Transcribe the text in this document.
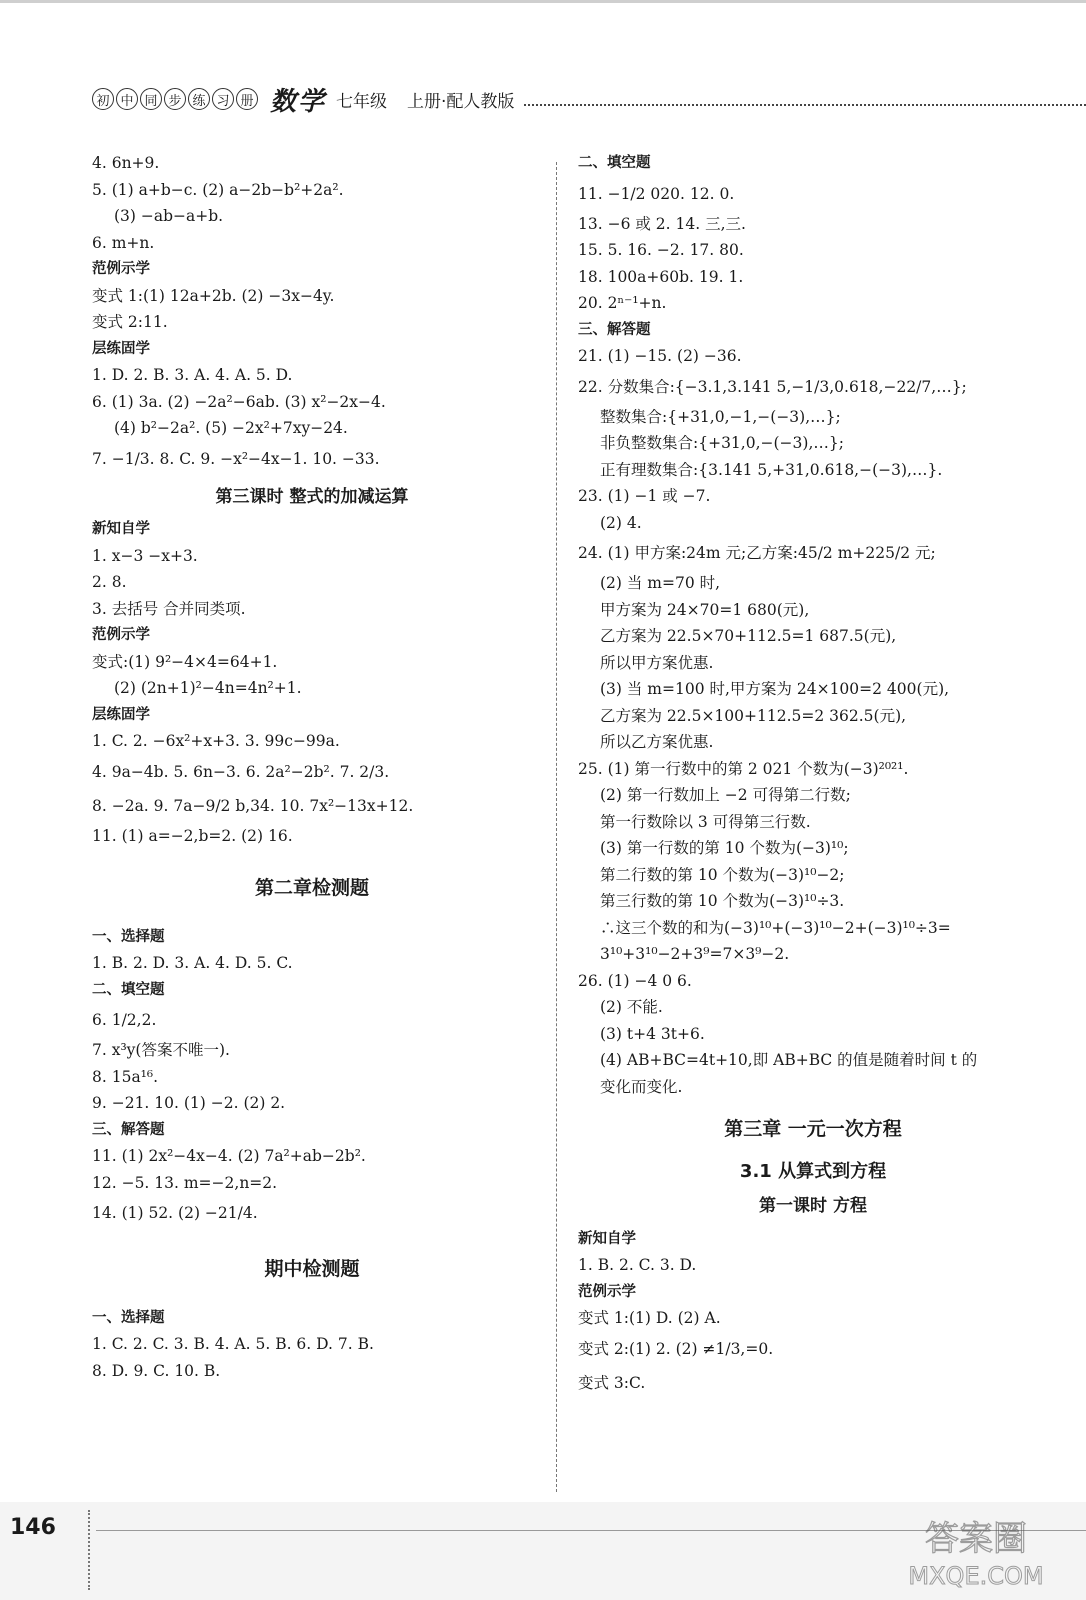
初 中 同 步 练 习 册 数学 七年级 上册·配人教版
4. 6n+9.
5. (1) a+b−c. (2) a−2b−b²+2a².
(3) −ab−a+b.
6. m+n.
范例示学
变式 1:(1) 12a+2b. (2) −3x−4y.
变式 2:11.
层练固学
1. D. 2. B. 3. A. 4. A. 5. D.
6. (1) 3a. (2) −2a²−6ab. (3) x²−2x−4.
(4) b²−2a². (5) −2x²+7xy−24.
7. −1/3. 8. C. 9. −x²−4x−1. 10. −33.
第三课时 整式的加减运算
新知自学
1. x−3 −x+3.
2. 8.
3. 去括号 合并同类项.
范例示学
变式:(1) 9²−4×4=64+1.
(2) (2n+1)²−4n=4n²+1.
层练固学
1. C. 2. −6x²+x+3. 3. 99c−99a.
4. 9a−4b. 5. 6n−3. 6. 2a²−2b². 7. 2/3.
8. −2a. 9. 7a−9/2 b,34. 10. 7x²−13x+12.
11. (1) a=−2,b=2. (2) 16.
第二章检测题
一、选择题
1. B. 2. D. 3. A. 4. D. 5. C.
二、填空题
6. 1/2,2.
7. x³y(答案不唯一).
8. 15a¹⁶.
9. −21. 10. (1) −2. (2) 2.
三、解答题
11. (1) 2x²−4x−4. (2) 7a²+ab−2b².
12. −5. 13. m=−2,n=2.
14. (1) 52. (2) −21/4.
期中检测题
一、选择题
1. C. 2. C. 3. B. 4. A. 5. B. 6. D. 7. B.
8. D. 9. C. 10. B.
二、填空题
11. −1/2 020. 12. 0.
13. −6 或 2. 14. 三,三.
15. 5. 16. −2. 17. 80.
18. 100a+60b. 19. 1.
20. 2ⁿ⁻¹+n.
三、解答题
21. (1) −15. (2) −36.
22. 分数集合:{−3.1,3.141 5,−1/3,0.618,−22/7,…};
整数集合:{+31,0,−1,−(−3),…};
非负整数集合:{+31,0,−(−3),…};
正有理数集合:{3.141 5,+31,0.618,−(−3),…}.
23. (1) −1 或 −7.
(2) 4.
24. (1) 甲方案:24m 元;乙方案:45/2 m+225/2 元;
(2) 当 m=70 时,
甲方案为 24×70=1 680(元),
乙方案为 22.5×70+112.5=1 687.5(元),
所以甲方案优惠.
(3) 当 m=100 时,甲方案为 24×100=2 400(元),
乙方案为 22.5×100+112.5=2 362.5(元),
所以乙方案优惠.
25. (1) 第一行数中的第 2 021 个数为(−3)²⁰²¹.
(2) 第一行数加上 −2 可得第二行数;
第一行数除以 3 可得第三行数.
(3) 第一行数的第 10 个数为(−3)¹⁰;
第二行数的第 10 个数为(−3)¹⁰−2;
第三行数的第 10 个数为(−3)¹⁰÷3.
∴这三个数的和为(−3)¹⁰+(−3)¹⁰−2+(−3)¹⁰÷3=
3¹⁰+3¹⁰−2+3⁹=7×3⁹−2.
26. (1) −4 0 6.
(2) 不能.
(3) t+4 3t+6.
(4) AB+BC=4t+10,即 AB+BC 的值是随着时间 t 的
变化而变化.
第三章 一元一次方程
3.1 从算式到方程
第一课时 方程
新知自学
1. B. 2. C. 3. D.
范例示学
变式 1:(1) D. (2) A.
变式 2:(1) 2. (2) ≠1/3,=0.
变式 3:C.
146	答案圈
MXQE.COM
